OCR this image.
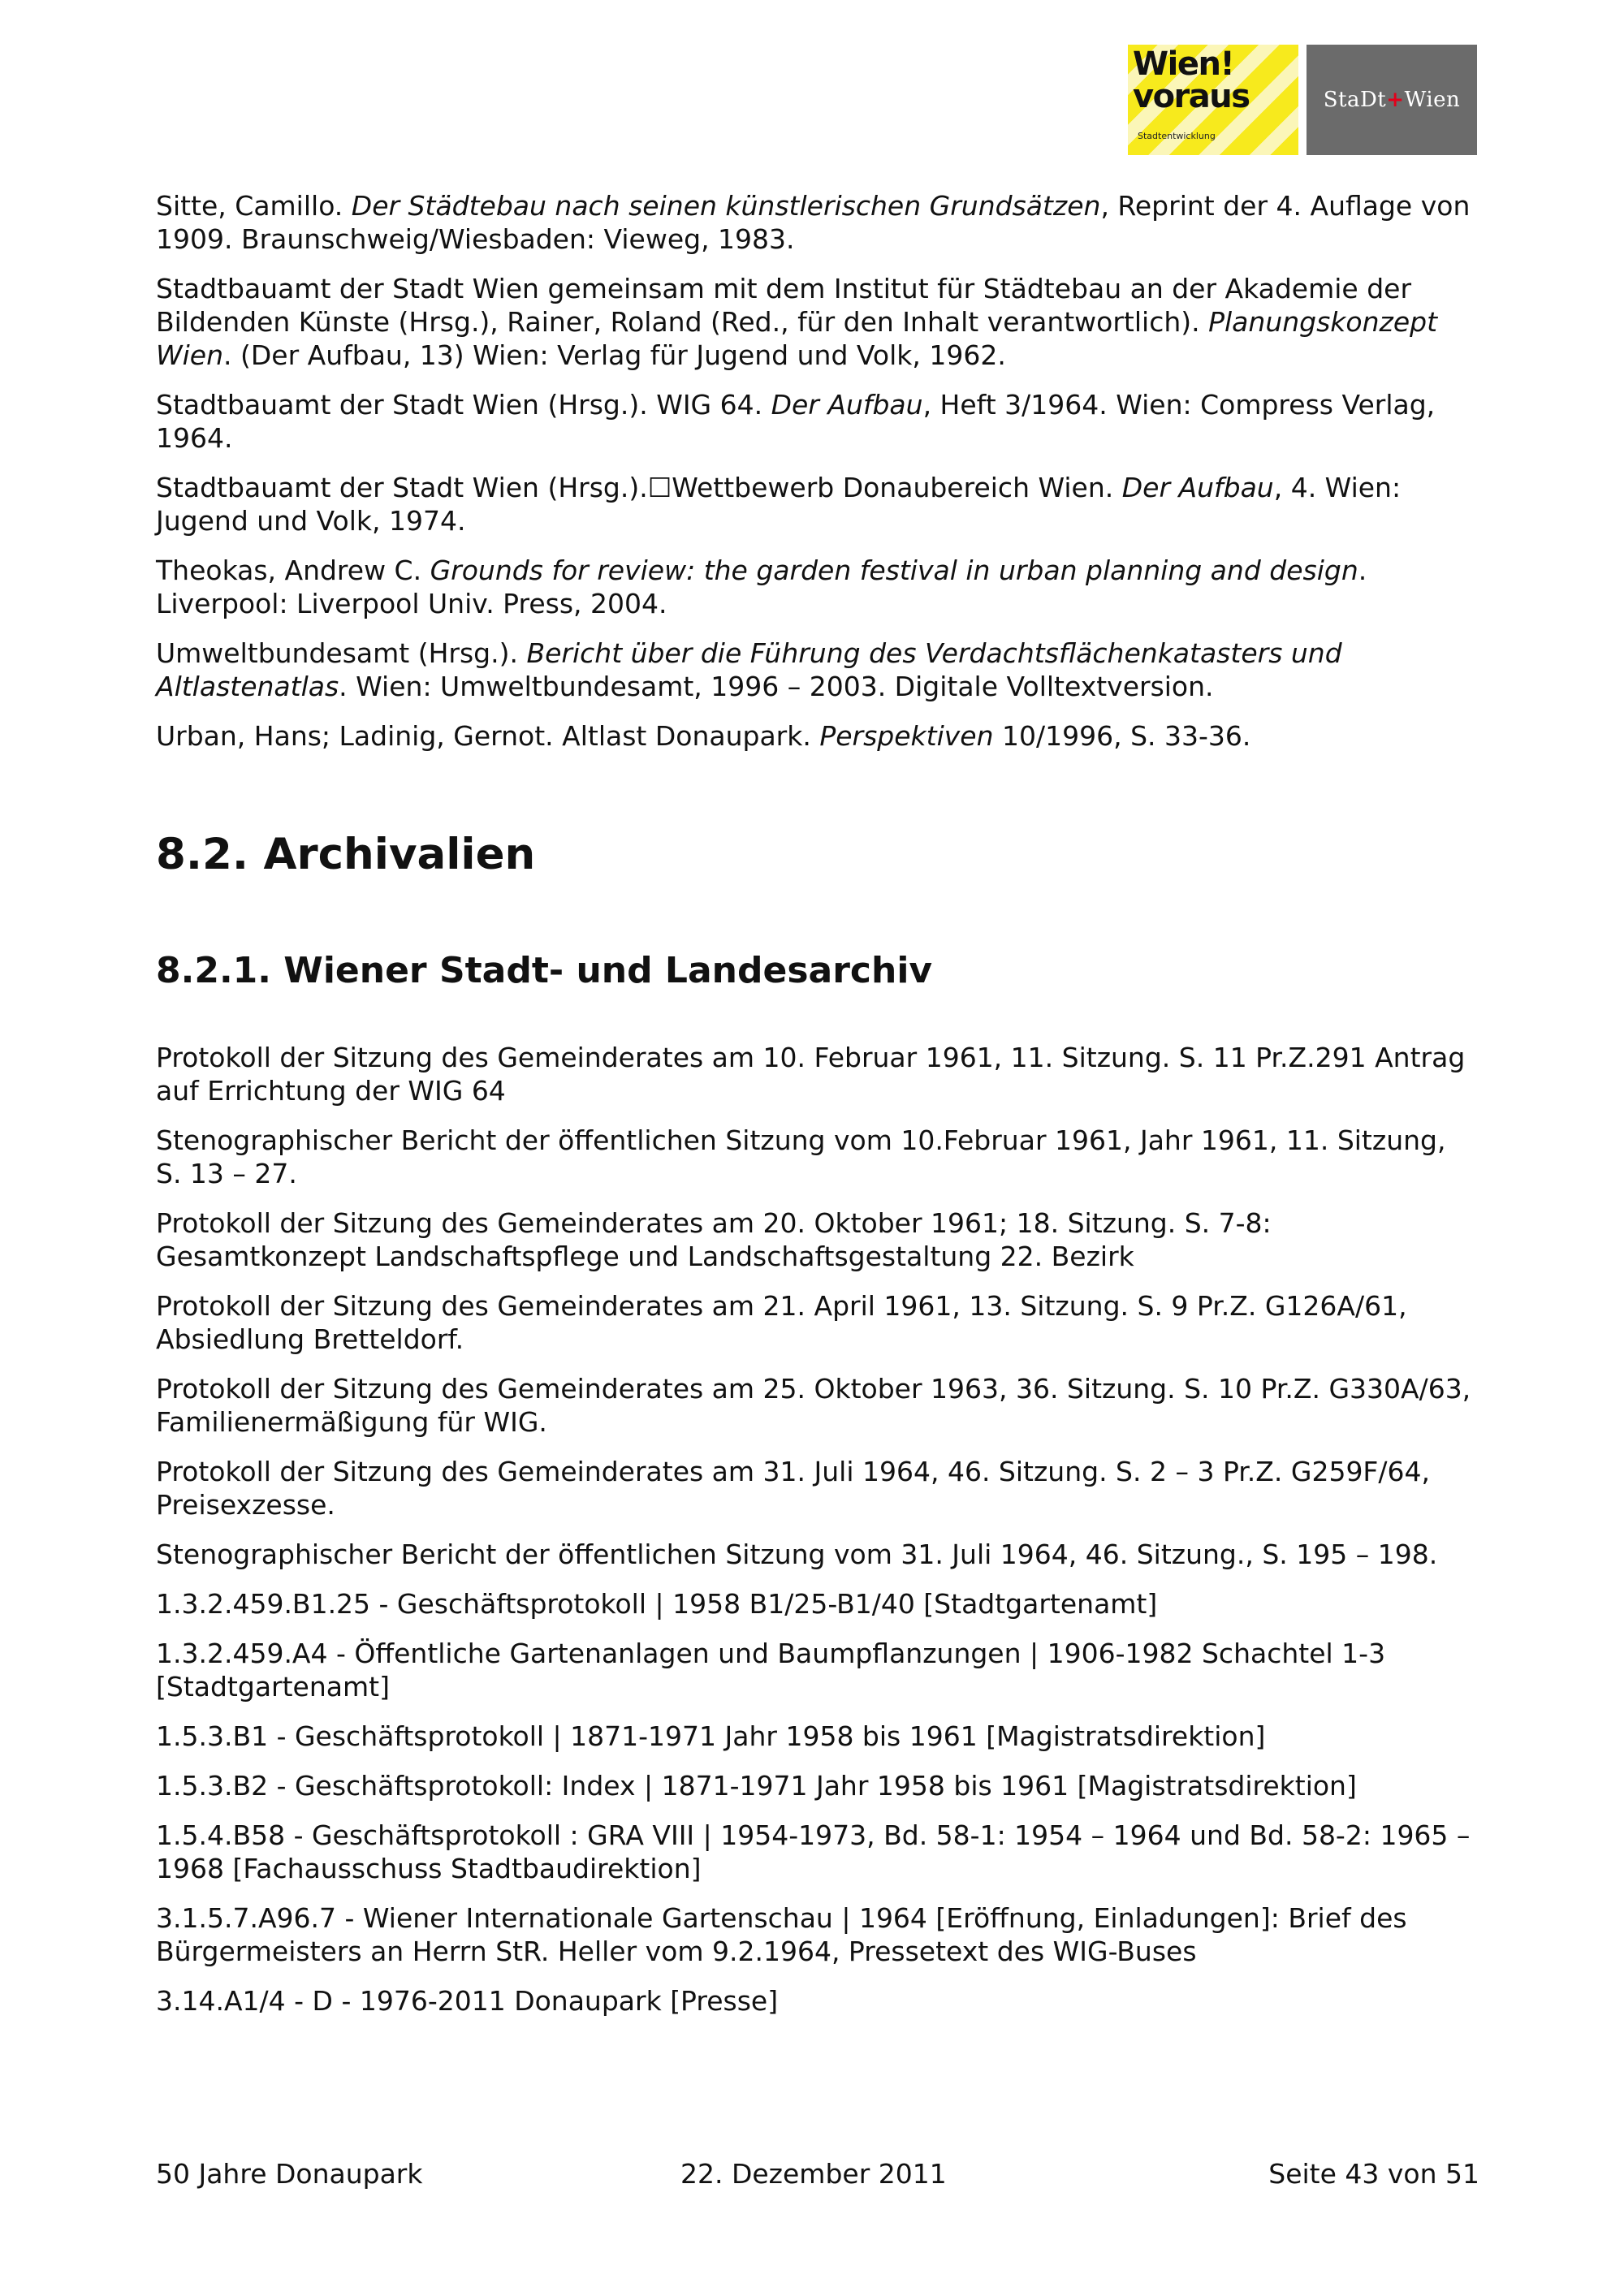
Wien!
voraus
Stadtentwicklung
StaDt + Wien

Sitte, Camillo. Der Städtebau nach seinen künstlerischen Grundsätzen, Reprint der 4. Auflage von 1909. Braunschweig/Wiesbaden: Vieweg, 1983.

Stadtbauamt der Stadt Wien gemeinsam mit dem Institut für Städtebau an der Akademie der Bildenden Künste (Hrsg.), Rainer, Roland (Red., für den Inhalt verantwortlich). Planungskonzept Wien. (Der Aufbau, 13) Wien: Verlag für Jugend und Volk, 1962.

Stadtbauamt der Stadt Wien (Hrsg.). WIG 64. Der Aufbau, Heft 3/1964. Wien: Compress Verlag, 1964.

Stadtbauamt der Stadt Wien (Hrsg.).☐Wettbewerb Donaubereich Wien. Der Aufbau, 4. Wien: Jugend und Volk, 1974.

Theokas, Andrew C. Grounds for review: the garden festival in urban planning and design. Liverpool: Liverpool Univ. Press, 2004.

Umweltbundesamt (Hrsg.). Bericht über die Führung des Verdachtsflächenkatasters und Altlastenatlas. Wien: Umweltbundesamt, 1996 – 2003. Digitale Volltextversion.

Urban, Hans; Ladinig, Gernot. Altlast Donaupark. Perspektiven 10/1996, S. 33-36.

8.2. Archivalien
8.2.1. Wiener Stadt- und Landesarchiv

Protokoll der Sitzung des Gemeinderates am 10. Februar 1961, 11. Sitzung. S. 11 Pr.Z.291 Antrag auf Errichtung der WIG 64

Stenographischer Bericht der öffentlichen Sitzung vom 10.Februar 1961, Jahr 1961, 11. Sitzung, S. 13 – 27.

Protokoll der Sitzung des Gemeinderates am 20. Oktober 1961; 18. Sitzung. S. 7-8: Gesamtkonzept Landschaftspflege und Landschaftsgestaltung 22. Bezirk

Protokoll der Sitzung des Gemeinderates am 21. April 1961, 13. Sitzung. S. 9 Pr.Z. G126A/61, Absiedlung Bretteldorf.

Protokoll der Sitzung des Gemeinderates am 25. Oktober 1963, 36. Sitzung. S. 10 Pr.Z. G330A/63, Familienermäßigung für WIG.

Protokoll der Sitzung des Gemeinderates am 31. Juli 1964, 46. Sitzung. S. 2 – 3 Pr.Z. G259F/64, Preisexzesse.

Stenographischer Bericht der öffentlichen Sitzung vom 31. Juli 1964, 46. Sitzung., S. 195 – 198.

1.3.2.459.B1.25 - Geschäftsprotokoll | 1958 B1/25-B1/40 [Stadtgartenamt]

1.3.2.459.A4 - Öffentliche Gartenanlagen und Baumpflanzungen | 1906-1982 Schachtel 1-3 [Stadtgartenamt]

1.5.3.B1 - Geschäftsprotokoll | 1871-1971 Jahr 1958 bis 1961 [Magistratsdirektion]

1.5.3.B2 - Geschäftsprotokoll: Index | 1871-1971 Jahr 1958 bis 1961 [Magistratsdirektion]

1.5.4.B58 - Geschäftsprotokoll : GRA VIII | 1954-1973, Bd. 58-1: 1954 – 1964 und Bd. 58-2: 1965 – 1968 [Fachausschuss Stadtbaudirektion]

3.1.5.7.A96.7 - Wiener Internationale Gartenschau | 1964 [Eröffnung, Einladungen]: Brief des Bürgermeisters an Herrn StR. Heller vom 9.2.1964, Pressetext des WIG-Buses

3.14.A1/4 - D - 1976-2011 Donaupark [Presse]

50 Jahre Donaupark	22. Dezember 2011	Seite 43 von 51
